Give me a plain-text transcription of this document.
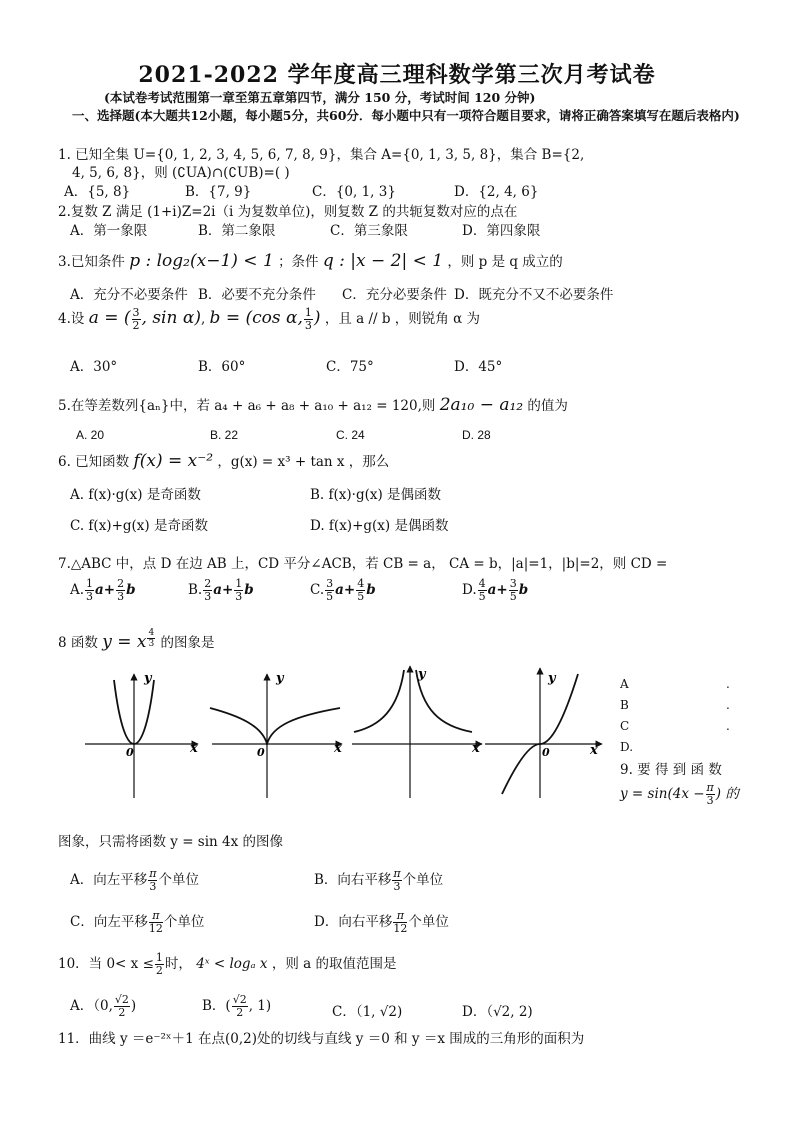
2021-2022 学年度高三理科数学第三次月考试卷
(本试卷考试范围第一章至第五章第四节，满分 150 分，考试时间 120 分钟)
一、选择题(本大题共12小题，每小题5分，共60分．每小题中只有一项符合题目要求，请将正确答案填写在题后表格内)
1. 已知全集 U={0, 1, 2, 3, 4, 5, 6, 7, 8, 9}，集合 A={0, 1, 3, 5, 8}，集合 B={2,
4, 5, 6, 8}，则 (∁UA)∩(∁UB)=( )
A．{5, 8}	B．{7, 9}	C．{0, 1, 3}	D．{2, 4, 6}
2.复数 Z 满足 (1+i)Z=2i（i 为复数单位)，则复数 Z 的共轭复数对应的点在
A．第一象限	B．第二象限	C．第三象限	D．第四象限
3.已知条件 p : log₂(x−1) < 1 ；条件 q : |x − 2| < 1 ，则 p 是 q 成立的
A．充分不必要条件 B．必要不充分条件 C．充分必要条件 D．既充分不又不必要条件
4.设 a = ( $\frac{3}{2}$ , sin α), b = (cos α, $\frac{1}{3}$ ) ，且 a // b ，则锐角 α 为
A．30°	B．60°	C．75°	D．45°
5.在等差数列{aₙ}中，若 a₄ + a₆ + a₈ + a₁₀ + a₁₂ = 120,则 2a₁₀ − a₁₂ 的值为
A. 20	B. 22	C. 24	D. 28
6. 已知函数 f(x) = x⁻² ，g(x) = x³ + tan x ，那么
A. f(x)·g(x) 是奇函数	B. f(x)·g(x) 是偶函数
C. f(x)+g(x) 是奇函数	D. f(x)+g(x) 是偶函数
7.△ABC 中，点 D 在边 AB 上，CD 平分∠ACB，若 CB = a， CA = b，|a|=1，|b|=2，则 CD =
A. $\frac{1}{3} a+ \frac{2}{3}$ b	B. $\frac{2}{3} a+ \frac{1}{3}$ b	C. $\frac{3}{5} a+ \frac{4}{5}$ b	D. $\frac{4}{5} a+ \frac{3}{5}$ b
8 函数 y = x $^{\frac{4}{3}}$ 的图象是
y
x
0
y
x
0
y
x
y
x
0
A	.
B	.
C	.
D.
9. 要 得 到 函 数
$y = \sin(4x - \frac{\pi}{3}$ ) 的
图象，只需将函数 y = sin 4x 的图像
A．向左平移 $\frac{\pi}{3}$ 个单位	B．向右平移 $\frac{\pi}{3}$ 个单位
C．向左平移 $\frac{\pi}{12}$ 个单位	D．向右平移 $\frac{\pi}{12}$ 个单位
10．当 $0< x \le \frac{1}{2}$ 时， 4ˣ < logₐ x ，则 a 的取值范围是
A．（0, $\frac{√2}{2}$ )	B．( $\frac{√2}{2}$ , 1)	C．（1, √2)	D．（√2, 2)
11．曲线 y ＝e⁻²ˣ＋1 在点(0,2)处的切线与直线 y ＝0 和 y ＝x 围成的三角形的面积为
